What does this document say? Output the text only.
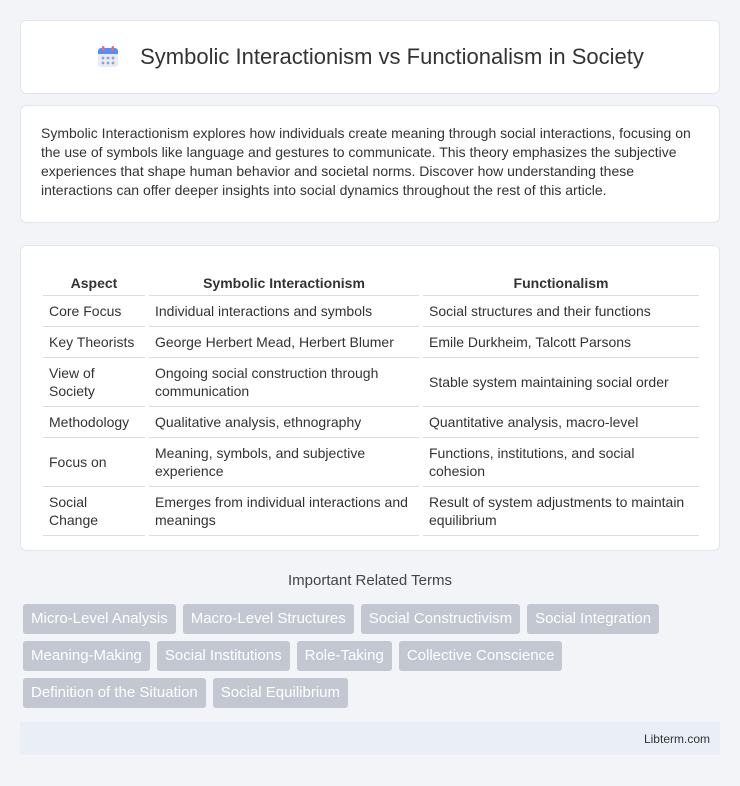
Symbolic Interactionism vs Functionalism in Society

Symbolic Interactionism explores how individuals create meaning through social interactions, focusing on the use of symbols like language and gestures to communicate. This theory emphasizes the subjective experiences that shape human behavior and societal norms. Discover how understanding these interactions can offer deeper insights into social dynamics throughout the rest of this article.

Aspect	Symbolic Interactionism	Functionalism
Core Focus	Individual interactions and symbols	Social structures and their functions
Key Theorists	George Herbert Mead, Herbert Blumer	Emile Durkheim, Talcott Parsons
View of Society	Ongoing social construction through communication	Stable system maintaining social order
Methodology	Qualitative analysis, ethnography	Quantitative analysis, macro-level
Focus on	Meaning, symbols, and subjective experience	Functions, institutions, and social cohesion
Social Change	Emerges from individual interactions and meanings	Result of system adjustments to maintain equilibrium
Important Related Terms
Micro-Level Analysis	Macro-Level Structures	Social Constructivism	Social Integration
Meaning-Making	Social Institutions	Role-Taking	Collective Conscience
Definition of the Situation	Social Equilibrium
Libterm.com
